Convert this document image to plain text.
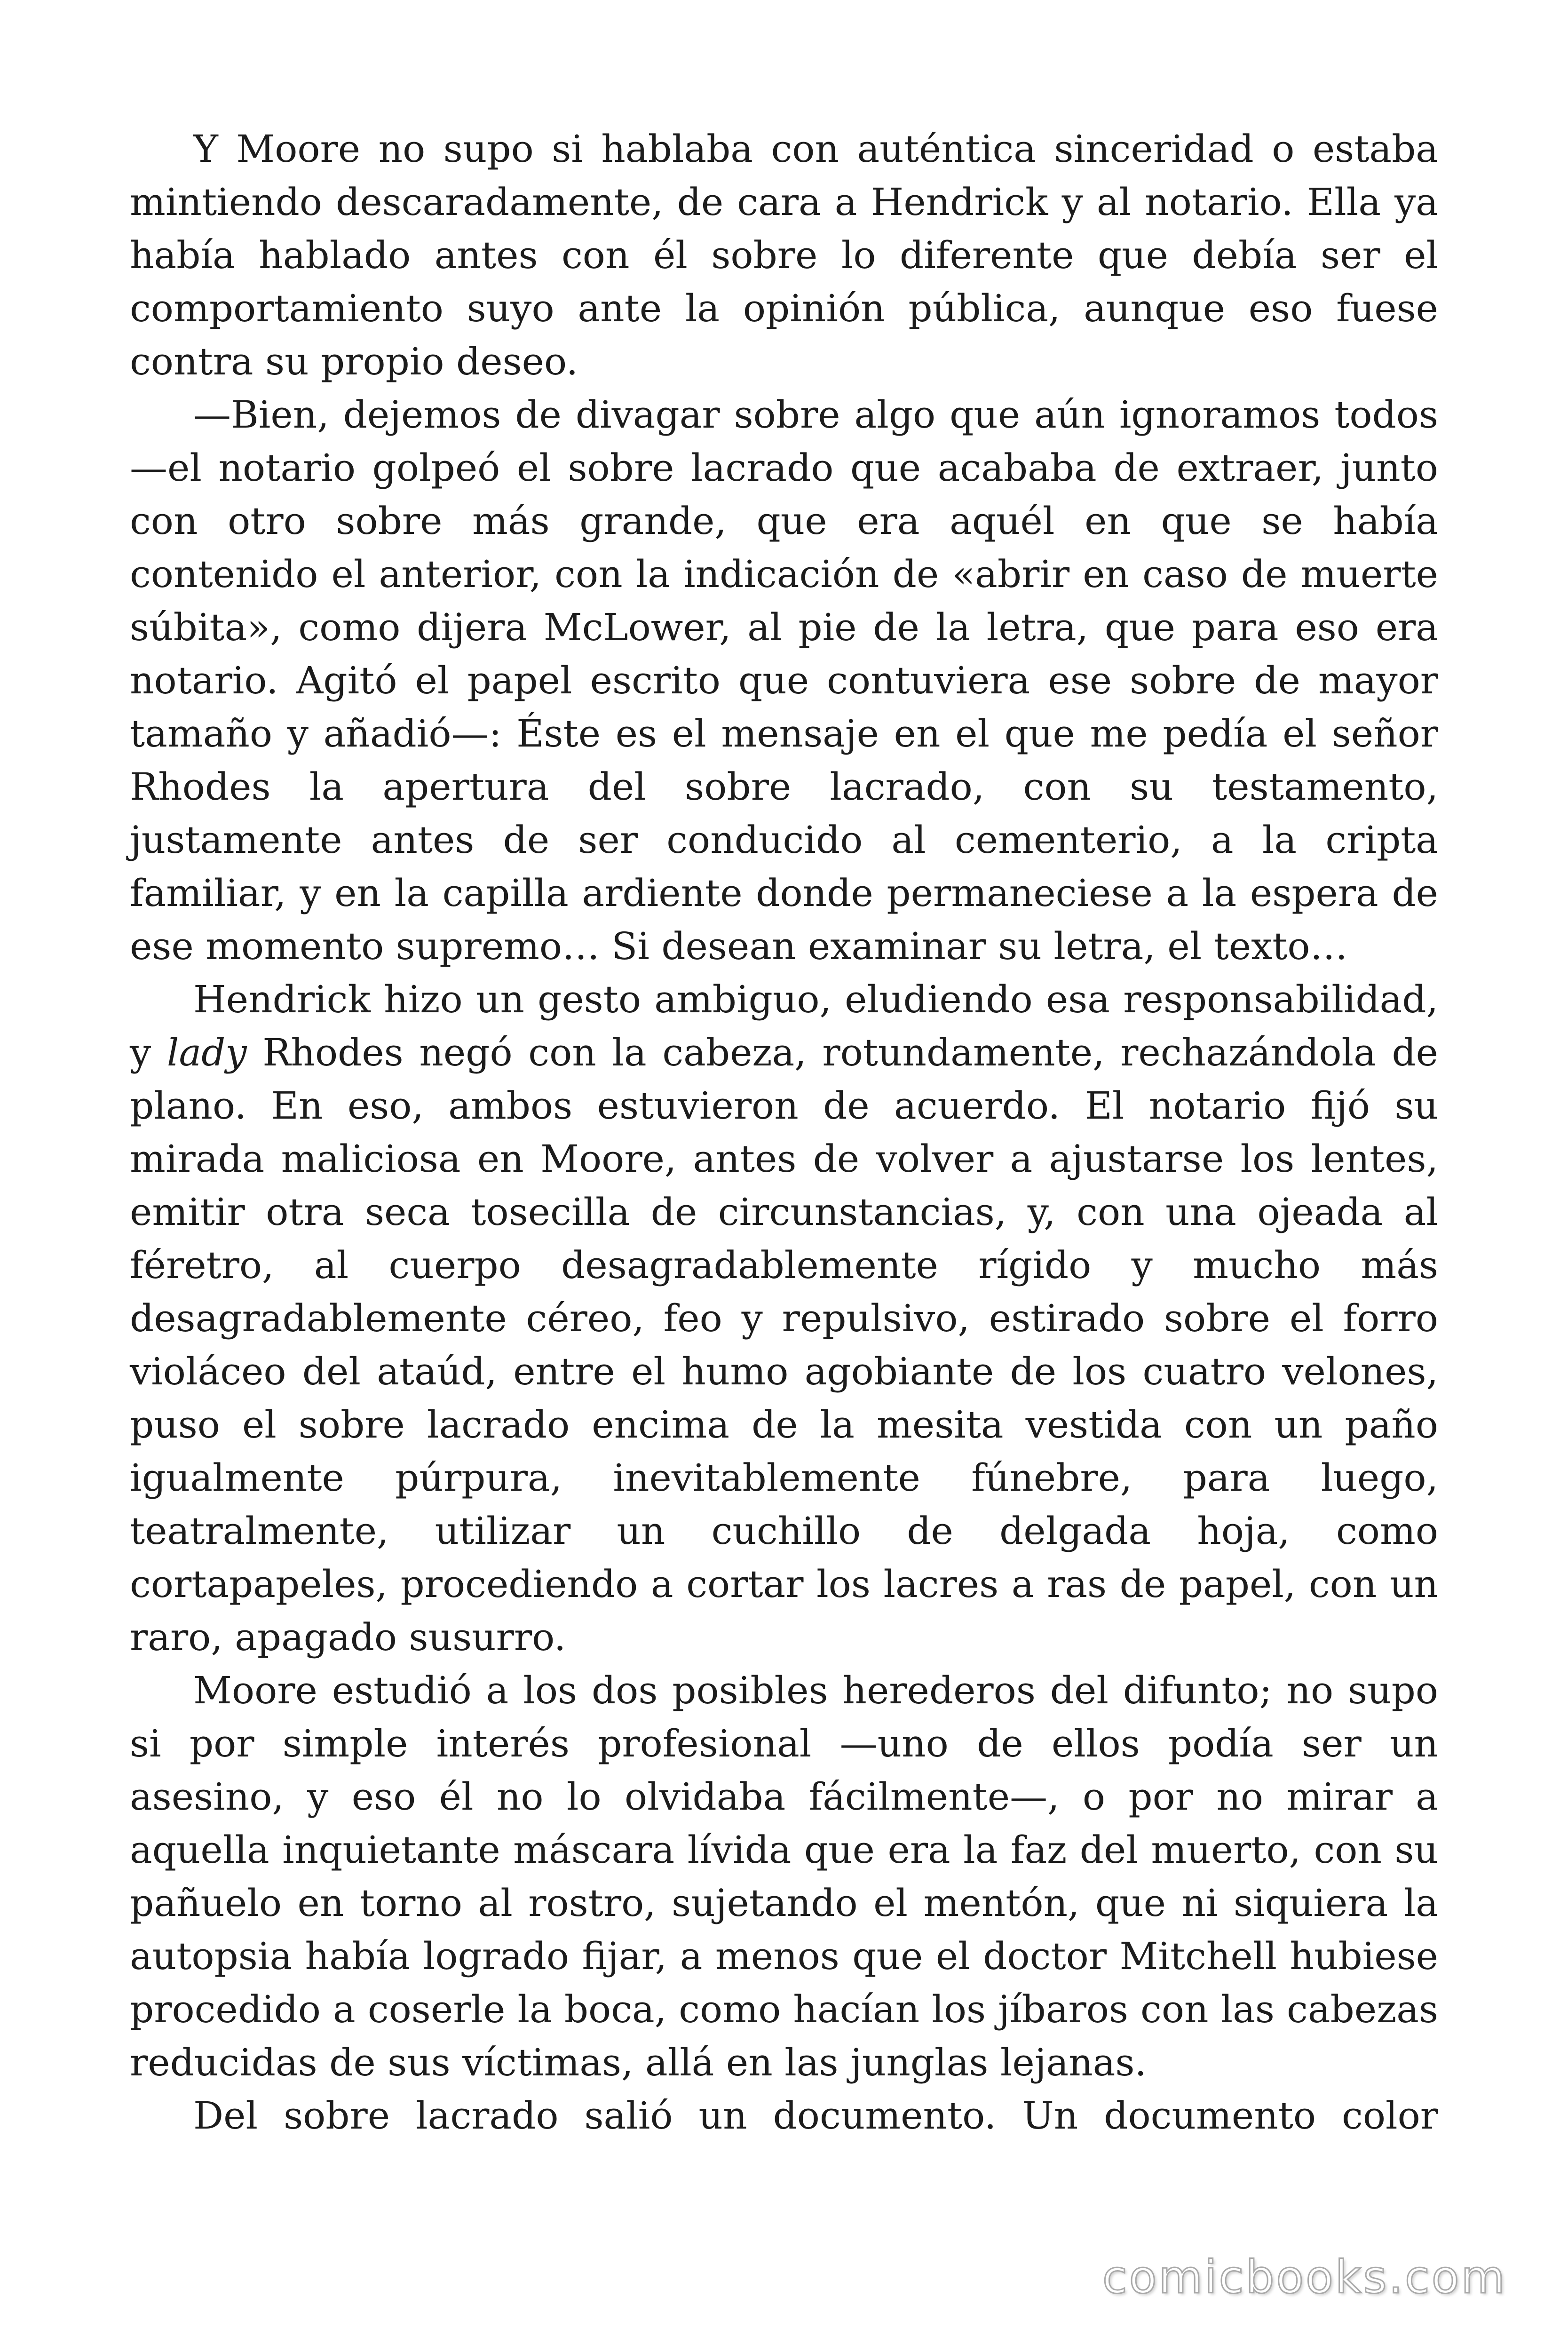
Y Moore no supo si hablaba con auténtica sinceridad o estaba mintiendo descaradamente, de cara a Hendrick y al notario. Ella ya había hablado antes con él sobre lo diferente que debía ser el comportamiento suyo ante la opinión pública, aunque eso fuese contra su propio deseo.

—Bien, dejemos de divagar sobre algo que aún ignoramos todos —el notario golpeó el sobre lacrado que acababa de extraer, junto con otro sobre más grande, que era aquél en que se había contenido el anterior, con la indicación de «abrir en caso de muerte súbita», como dijera McLower, al pie de la letra, que para eso era notario. Agitó el papel escrito que contuviera ese sobre de mayor tamaño y añadió—: Éste es el mensaje en el que me pedía el señor Rhodes la apertura del sobre lacrado, con su testamento, justamente antes de ser conducido al cementerio, a la cripta familiar, y en la capilla ardiente donde permaneciese a la espera de ese momento supremo… Si desean examinar su letra, el texto…

Hendrick hizo un gesto ambiguo, eludiendo esa responsabilidad, y lady Rhodes negó con la cabeza, rotundamente, rechazándola de plano. En eso, ambos estuvieron de acuerdo. El notario fijó su mirada maliciosa en Moore, antes de volver a ajustarse los lentes, emitir otra seca tosecilla de circunstancias, y, con una ojeada al féretro, al cuerpo desagradablemente rígido y mucho más desagradablemente céreo, feo y repulsivo, estirado sobre el forro violáceo del ataúd, entre el humo agobiante de los cuatro velones, puso el sobre lacrado encima de la mesita vestida con un paño igualmente púrpura, inevitablemente fúnebre, para luego, teatralmente, utilizar un cuchillo de delgada hoja, como cortapapeles, procediendo a cortar los lacres a ras de papel, con un raro, apagado susurro.

Moore estudió a los dos posibles herederos del difunto; no supo si por simple interés profesional —uno de ellos podía ser un asesino, y eso él no lo olvidaba fácilmente—, o por no mirar a aquella inquietante máscara lívida que era la faz del muerto, con su pañuelo en torno al rostro, sujetando el mentón, que ni siquiera la autopsia había logrado fijar, a menos que el doctor Mitchell hubiese procedido a coserle la boca, como hacían los jíbaros con las cabezas reducidas de sus víctimas, allá en las junglas lejanas.

Del sobre lacrado salió un documento. Un documento color

comicbooks.com
